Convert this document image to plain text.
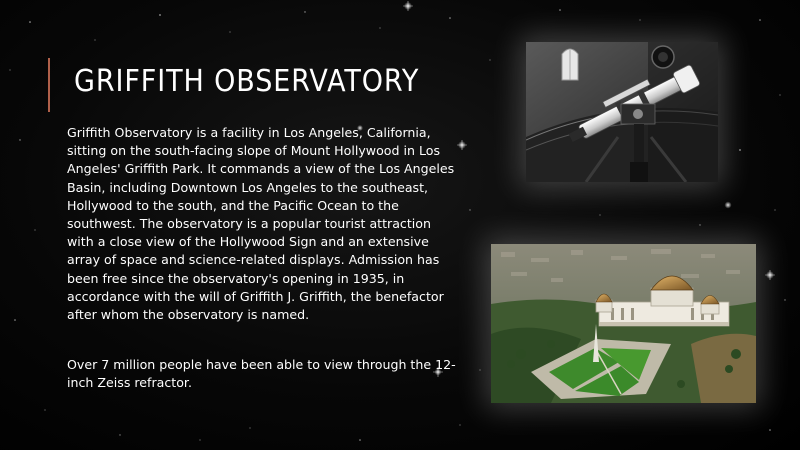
GRIFFITH OBSERVATORY

Griffith Observatory is a facility in Los Angeles, California, sitting on the south-facing slope of Mount Hollywood in Los Angeles' Griffith Park. It commands a view of the Los Angeles Basin, including Downtown Los Angeles to the southeast, Hollywood to the south, and the Pacific Ocean to the southwest. The observatory is a popular tourist attraction with a close view of the Hollywood Sign and an extensive array of space and science-related displays. Admission has been free since the observatory's opening in 1935, in accordance with the will of Griffith J. Griffith, the benefactor after whom the observatory is named.

Over 7 million people have been able to view through the 12-inch Zeiss refractor.
